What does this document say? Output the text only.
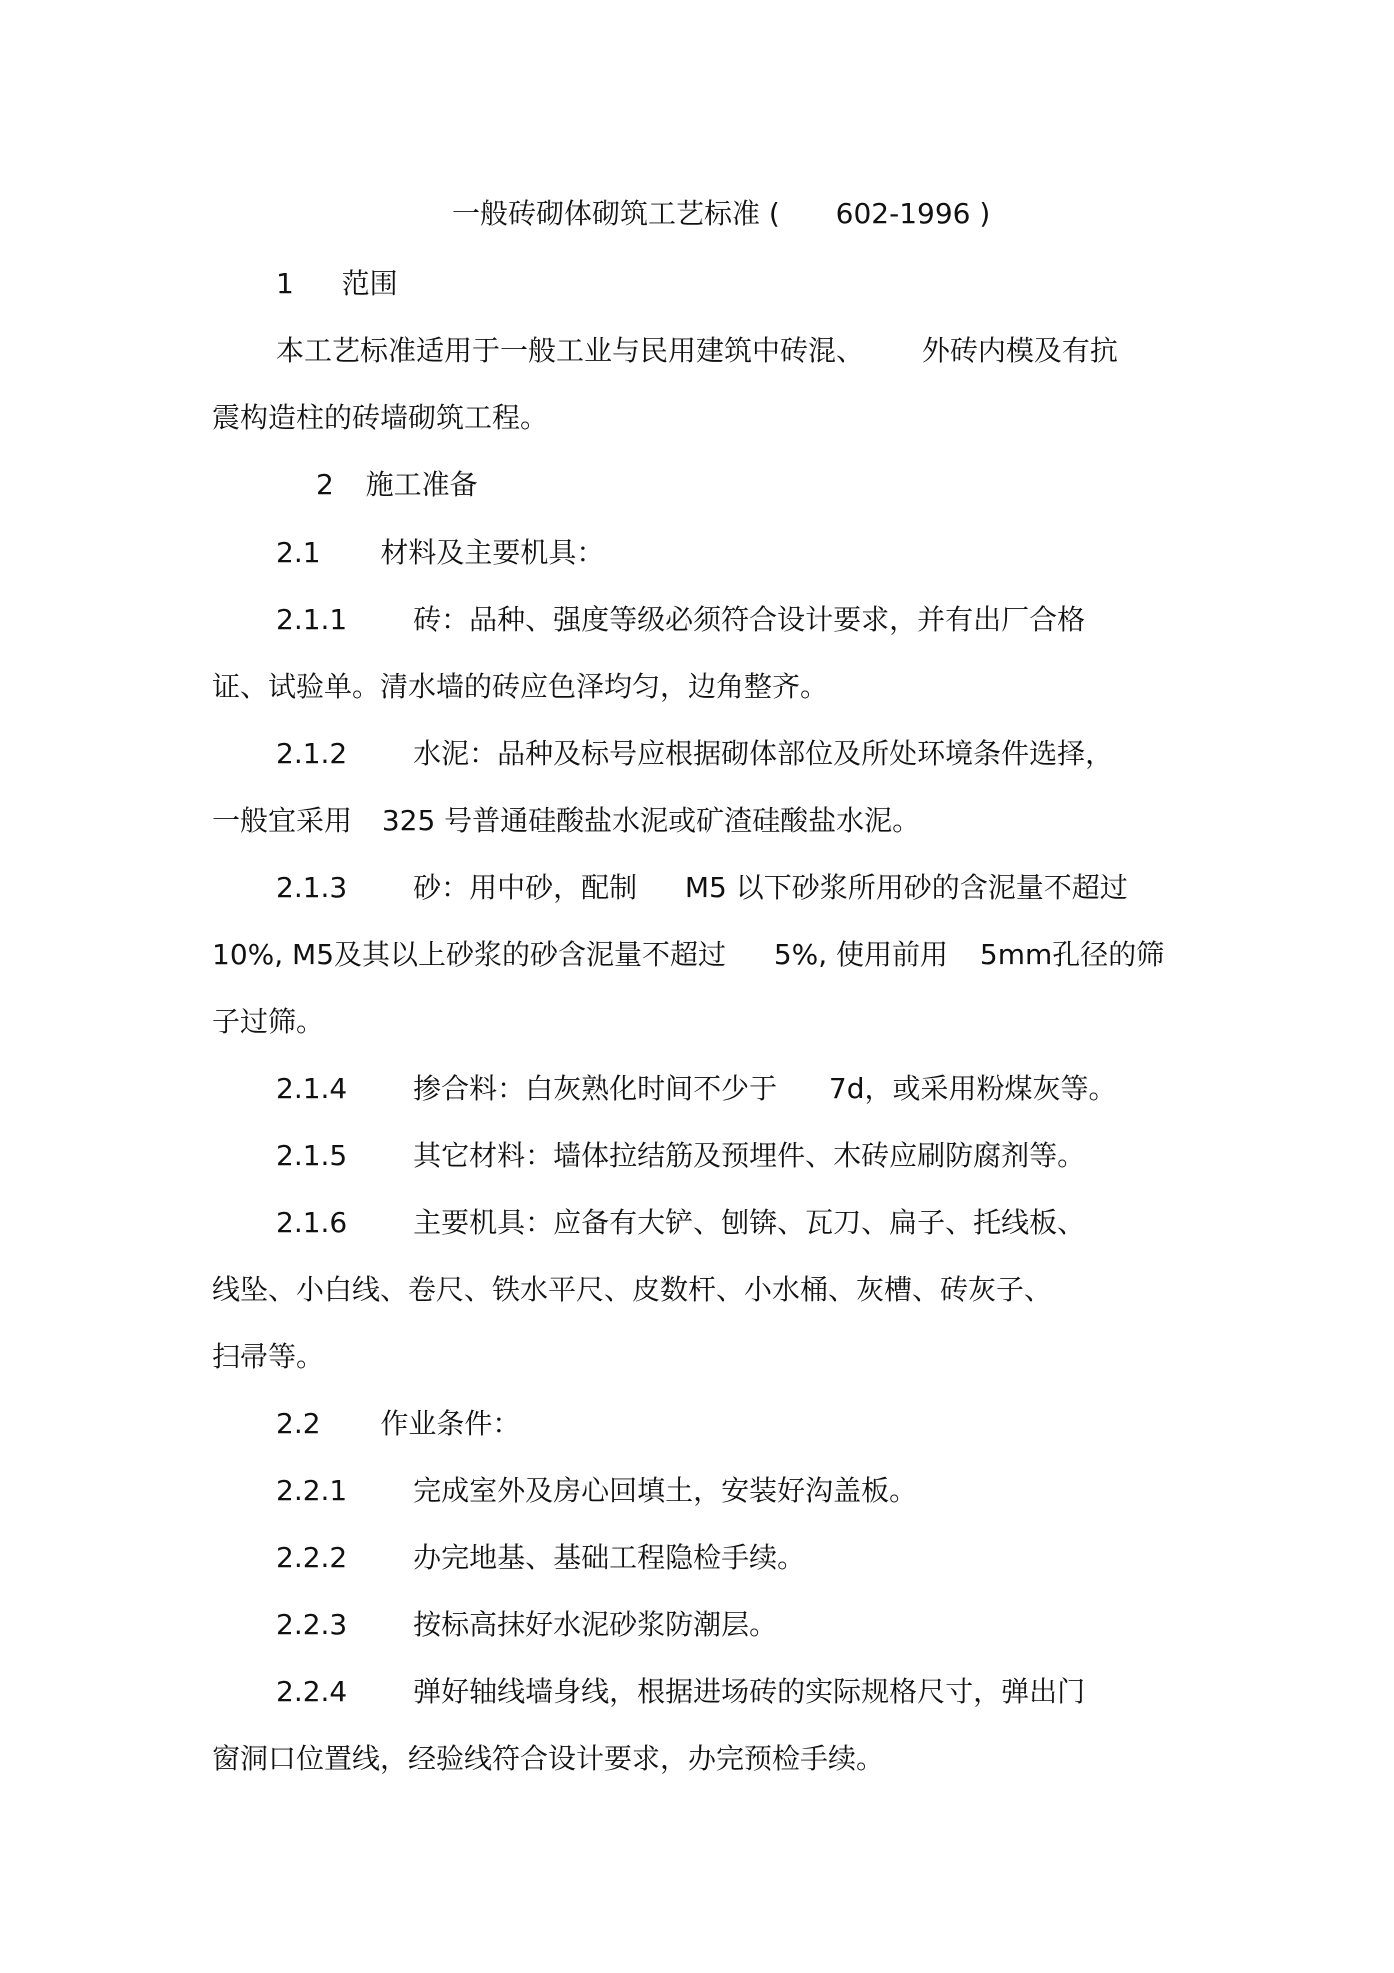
一般砖砌体砌筑工艺标准 ( 602-1996 )
1 范围
本工艺标准适用于一般工业与民用建筑中砖混、 外砖内模及有抗
震构造柱的砖墙砌筑工程。
2 施工准备
2.1 材料及主要机具：
2.1.1 砖：品种、强度等级必须符合设计要求，并有出厂合格
证、试验单。清水墙的砖应色泽均匀，边角整齐。
2.1.2 水泥：品种及标号应根据砌体部位及所处环境条件选择，
一般宜采用 325 号普通硅酸盐水泥或矿渣硅酸盐水泥。
2.1.3 砂：用中砂，配制 M5 以下砂浆所用砂的含泥量不超过
10%, M5及其以上砂浆的砂含泥量不超过 5%, 使用前用 5mm孔径的筛
子过筛。
2.1.4 掺合料：白灰熟化时间不少于 7d，或采用粉煤灰等。
2.1.5 其它材料：墙体拉结筋及预埋件、木砖应刷防腐剂等。
2.1.6 主要机具：应备有大铲、刨锛、瓦刀、扁子、托线板、
线坠、小白线、卷尺、铁水平尺、皮数杆、小水桶、灰槽、砖灰子、
扫帚等。
2.2 作业条件：
2.2.1 完成室外及房心回填土，安装好沟盖板。
2.2.2 办完地基、基础工程隐检手续。
2.2.3 按标高抹好水泥砂浆防潮层。
2.2.4 弹好轴线墙身线，根据进场砖的实际规格尺寸，弹出门
窗洞口位置线，经验线符合设计要求，办完预检手续。
